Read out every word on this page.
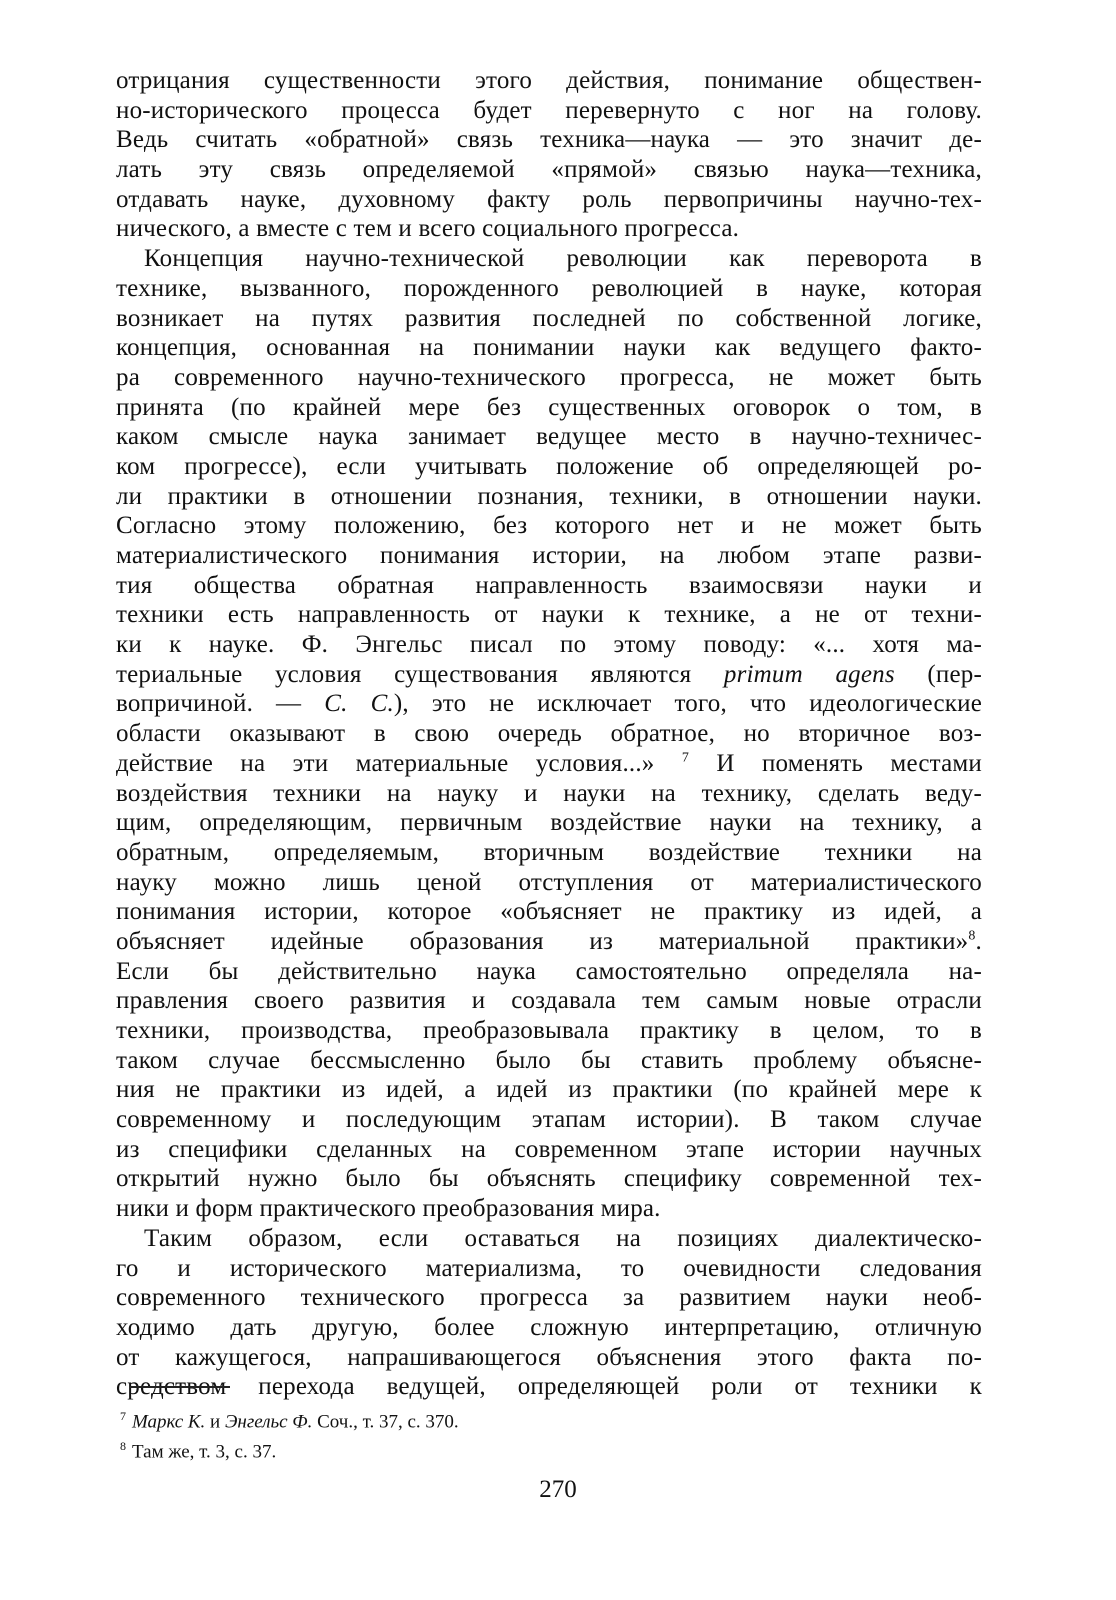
отрицания существенности этого действия, понимание обществен-
но-исторического процесса будет перевернуто с ног на голову.
Ведь считать «обратной» связь техника—наука — это значит де-
лать эту связь определяемой «прямой» связью наука—техника,
отдавать науке, духовному факту роль первопричины научно-тех-
нического, а вместе с тем и всего социального прогресса.
Концепция научно-технической революции как переворота в
технике, вызванного, порожденного революцией в науке, которая
возникает на путях развития последней по собственной логике,
концепция, основанная на понимании науки как ведущего факто-
ра современного научно-технического прогресса, не может быть
принята (по крайней мере без существенных оговорок о том, в
каком смысле наука занимает ведущее место в научно-техничес-
ком прогрессе), если учитывать положение об определяющей ро-
ли практики в отношении познания, техники, в отношении науки.
Согласно этому положению, без которого нет и не может быть
материалистического понимания истории, на любом этапе разви-
тия общества обратная направленность взаимосвязи науки и
техники есть направленность от науки к технике, а не от техни-
ки к науке. Ф. Энгельс писал по этому поводу: «... хотя ма-
териальные условия существования являются primum agens (пер-
вопричиной. — С. С.), это не исключает того, что идеологические
области оказывают в свою очередь обратное, но вторичное воз-
действие на эти материальные условия...» $^7$ И поменять местами
воздействия техники на науку и науки на технику, сделать веду-
щим, определяющим, первичным воздействие науки на технику, а
обратным, определяемым, вторичным воздействие техники на
науку можно лишь ценой отступления от материалистического
понимания истории, которое «объясняет не практику из идей, а
объясняет идейные образования из материальной практики»$^8$.
Если бы действительно наука самостоятельно определяла на-
правления своего развития и создавала тем самым новые отрасли
техники, производства, преобразовывала практику в целом, то в
таком случае бессмысленно было бы ставить проблему объясне-
ния не практики из идей, а идей из практики (по крайней мере к
современному и последующим этапам истории). В таком случае
из специфики сделанных на современном этапе истории научных
открытий нужно было бы объяснять специфику современной тех-
ники и форм практического преобразования мира.
Таким образом, если оставаться на позициях диалектическо-
го и исторического материализма, то очевидности следования
современного технического прогресса за развитием науки необ-
ходимо дать другую, более сложную интерпретацию, отличную
от кажущегося, напрашивающегося объяснения этого факта по-
средством перехода ведущей, определяющей роли от техники к
$^7$ Маркс К. и Энгельс Ф. Соч., т. 37, с. 370.
$^8$ Там же, т. 3, с. 37.
270
